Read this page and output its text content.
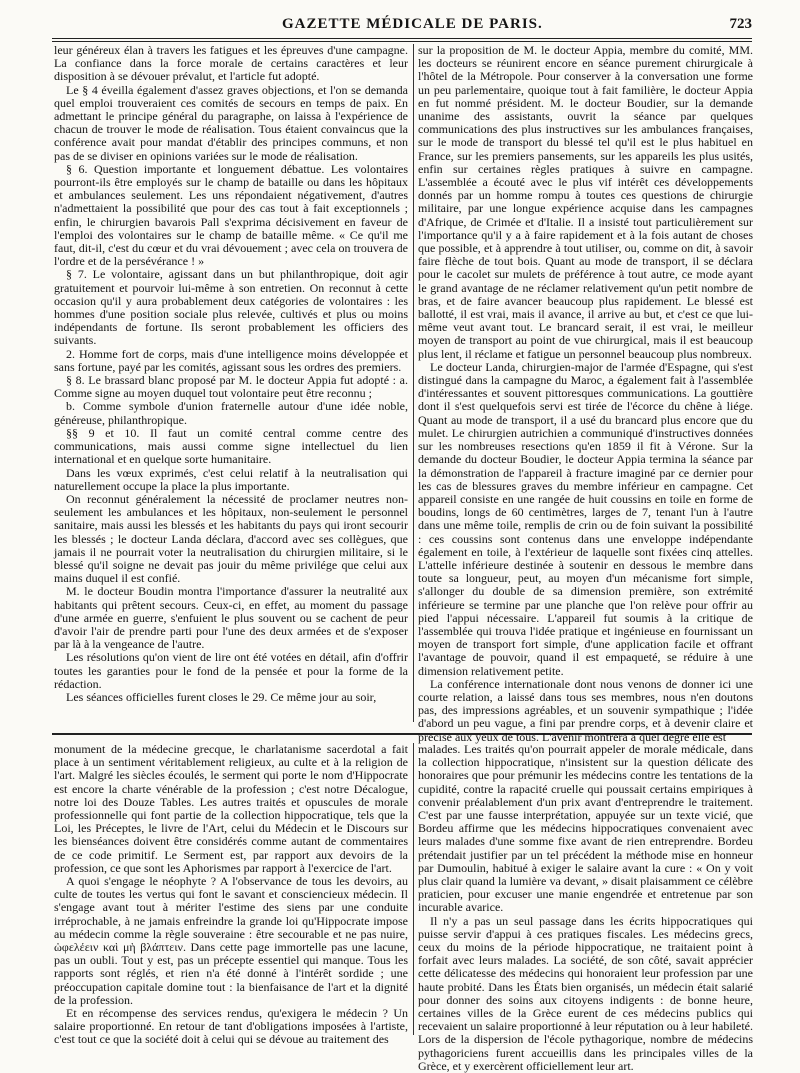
GAZETTE MÉDICALE DE PARIS.	723

leur généreux élan à travers les fatigues et les épreuves d'une campagne. La confiance dans la force morale de certains caractères et leur disposition à se dévouer prévalut, et l'article fut adopté.

Le § 4 éveilla également d'assez graves objections, et l'on se demanda quel emploi trouveraient ces comités de secours en temps de paix. En admettant le principe général du paragraphe, on laissa à l'expérience de chacun de trouver le mode de réalisation. Tous étaient convaincus que la conférence avait pour mandat d'établir des principes communs, et non pas de se diviser en opinions variées sur le mode de réalisation.

§ 6. Question importante et longuement débattue. Les volontaires pourront-ils être employés sur le champ de bataille ou dans les hôpitaux et ambulances seulement. Les uns répondaient négativement, d'autres n'admettaient la possibilité que pour des cas tout à fait exceptionnels ; enfin, le chirurgien bavarois Pall s'exprima décisivement en faveur de l'emploi des volontaires sur le champ de bataille même. « Ce qu'il me faut, dit-il, c'est du cœur et du vrai dévouement ; avec cela on trouvera de l'ordre et de la persévérance ! »

§ 7. Le volontaire, agissant dans un but philanthropique, doit agir gratuitement et pourvoir lui-même à son entretien. On reconnut à cette occasion qu'il y aura probablement deux catégories de volontaires : les hommes d'une position sociale plus relevée, cultivés et plus ou moins indépendants de fortune. Ils seront probablement les officiers des suivants.

2. Homme fort de corps, mais d'une intelligence moins développée et sans fortune, payé par les comités, agissant sous les ordres des premiers.

§ 8. Le brassard blanc proposé par M. le docteur Appia fut adopté : a. Comme signe au moyen duquel tout volontaire peut être reconnu ;

b. Comme symbole d'union fraternelle autour d'une idée noble, généreuse, philanthropique.

§§ 9 et 10. Il faut un comité central comme centre des communications, mais aussi comme signe intellectuel du lien international et en quelque sorte humanitaire.

Dans les vœux exprimés, c'est celui relatif à la neutralisation qui naturellement occupe la place la plus importante.

On reconnut généralement la nécessité de proclamer neutres non-seulement les ambulances et les hôpitaux, non-seulement le personnel sanitaire, mais aussi les blessés et les habitants du pays qui iront secourir les blessés ; le docteur Landa déclara, d'accord avec ses collègues, que jamais il ne pourrait voter la neutralisation du chirurgien militaire, si le blessé qu'il soigne ne devait pas jouir du même privilége que celui aux mains duquel il est confié.

M. le docteur Boudin montra l'importance d'assurer la neutralité aux habitants qui prêtent secours. Ceux-ci, en effet, au moment du passage d'une armée en guerre, s'enfuient le plus souvent ou se cachent de peur d'avoir l'air de prendre parti pour l'une des deux armées et de s'exposer par là à la vengeance de l'autre.

Les résolutions qu'on vient de lire ont été votées en détail, afin d'offrir toutes les garanties pour le fond de la pensée et pour la forme de la rédaction.

Les séances officielles furent closes le 29. Ce même jour au soir,

sur la proposition de M. le docteur Appia, membre du comité, MM. les docteurs se réunirent encore en séance purement chirurgicale à l'hôtel de la Métropole. Pour conserver à la conversation une forme un peu parlementaire, quoique tout à fait familière, le docteur Appia en fut nommé président. M. le docteur Boudier, sur la demande unanime des assistants, ouvrit la séance par quelques communications des plus instructives sur les ambulances françaises, sur le mode de transport du blessé tel qu'il est le plus habituel en France, sur les premiers pansements, sur les appareils les plus usités, enfin sur certaines règles pratiques à suivre en campagne. L'assemblée a écouté avec le plus vif intérêt ces développements donnés par un homme rompu à toutes ces questions de chirurgie militaire, par une longue expérience acquise dans les campagnes d'Afrique, de Crimée et d'Italie. Il a insisté tout particulièrement sur l'importance qu'il y a à faire rapidement et à la fois autant de choses que possible, et à apprendre à tout utiliser, ou, comme on dit, à savoir faire flèche de tout bois. Quant au mode de transport, il se déclara pour le cacolet sur mulets de préférence à tout autre, ce mode ayant le grand avantage de ne réclamer relativement qu'un petit nombre de bras, et de faire avancer beaucoup plus rapidement. Le blessé est ballotté, il est vrai, mais il avance, il arrive au but, et c'est ce que lui-même veut avant tout. Le brancard serait, il est vrai, le meilleur moyen de transport au point de vue chirurgical, mais il est beaucoup plus lent, il réclame et fatigue un personnel beaucoup plus nombreux.

Le docteur Landa, chirurgien-major de l'armée d'Espagne, qui s'est distingué dans la campagne du Maroc, a également fait à l'assemblée d'intéressantes et souvent pittoresques communications. La gouttière dont il s'est quelquefois servi est tirée de l'écorce du chêne à liége. Quant au mode de transport, il a usé du brancard plus encore que du mulet. Le chirurgien autrichien a communiqué d'instructives données sur les nombreuses resections qu'en 1859 il fit à Vérone. Sur la demande du docteur Boudier, le docteur Appia termina la séance par la démonstration de l'appareil à fracture imaginé par ce dernier pour les cas de blessures graves du membre inférieur en campagne. Cet appareil consiste en une rangée de huit coussins en toile en forme de boudins, longs de 60 centimètres, larges de 7, tenant l'un à l'autre dans une même toile, remplis de crin ou de foin suivant la possibilité : ces coussins sont contenus dans une enveloppe indépendante également en toile, à l'extérieur de laquelle sont fixées cinq attelles. L'attelle inférieure destinée à soutenir en dessous le membre dans toute sa longueur, peut, au moyen d'un mécanisme fort simple, s'allonger du double de sa dimension première, son extrémité inférieure se termine par une planche que l'on relève pour offrir au pied l'appui nécessaire. L'appareil fut soumis à la critique de l'assemblée qui trouva l'idée pratique et ingénieuse en fournissant un moyen de transport fort simple, d'une application facile et offrant l'avantage de pouvoir, quand il est empaqueté, se réduire à une dimension relativement petite.

La conférence internationale dont nous venons de donner ici une courte relation, a laissé dans tous ses membres, nous n'en doutons pas, des impressions agréables, et un souvenir sympathique ; l'idée d'abord un peu vague, a fini par prendre corps, et à devenir claire et précise aux yeux de tous. L'avenir montrera à quel degré elle est

monument de la médecine grecque, le charlatanisme sacerdotal a fait place à un sentiment véritablement religieux, au culte et à la religion de l'art. Malgré les siècles écoulés, le serment qui porte le nom d'Hippocrate est encore la charte vénérable de la profession ; c'est notre Décalogue, notre loi des Douze Tables. Les autres traités et opuscules de morale professionnelle qui font partie de la collection hippocratique, tels que la Loi, les Préceptes, le livre de l'Art, celui du Médecin et le Discours sur les bienséances doivent être considérés comme autant de commentaires de ce code primitif. Le Serment est, par rapport aux devoirs de la profession, ce que sont les Aphorismes par rapport à l'exercice de l'art.

A quoi s'engage le néophyte ? A l'observance de tous les devoirs, au culte de toutes les vertus qui font le savant et consciencieux médecin. Il s'engage avant tout à mériter l'estime des siens par une conduite irréprochable, à ne jamais enfreindre la grande loi qu'Hippocrate impose au médecin comme la règle souveraine : être secourable et ne pas nuire, ὠφελέειν καὶ μὴ βλάπτειν. Dans cette page immortelle pas une lacune, pas un oubli. Tout y est, pas un précepte essentiel qui manque. Tous les rapports sont réglés, et rien n'a été donné à l'intérêt sordide ; une préoccupation capitale domine tout : la bienfaisance de l'art et la dignité de la profession.

Et en récompense des services rendus, qu'exigera le médecin ? Un salaire proportionné. En retour de tant d'obligations imposées à l'artiste, c'est tout ce que la société doit à celui qui se dévoue au traitement des

malades. Les traités qu'on pourrait appeler de morale médicale, dans la collection hippocratique, n'insistent sur la question délicate des honoraires que pour prémunir les médecins contre les tentations de la cupidité, contre la rapacité cruelle qui poussait certains empiriques à convenir préalablement d'un prix avant d'entreprendre le traitement. C'est par une fausse interprétation, appuyée sur un texte vicié, que Bordeu affirme que les médecins hippocratiques convenaient avec leurs malades d'une somme fixe avant de rien entreprendre. Bordeu prétendait justifier par un tel précédent la méthode mise en honneur par Dumoulin, habitué à exiger le salaire avant la cure : « On y voit plus clair quand la lumière va devant, » disait plaisamment ce célèbre praticien, pour excuser une manie engendrée et entretenue par son incurable avarice.

Il n'y a pas un seul passage dans les écrits hippocratiques qui puisse servir d'appui à ces pratiques fiscales. Les médecins grecs, ceux du moins de la période hippocratique, ne traitaient point à forfait avec leurs malades. La société, de son côté, savait apprécier cette délicatesse des médecins qui honoraient leur profession par une haute probité. Dans les États bien organisés, un médecin était salarié pour donner des soins aux citoyens indigents : de bonne heure, certaines villes de la Grèce eurent de ces médecins publics qui recevaient un salaire proportionné à leur réputation ou à leur habileté. Lors de la dispersion de l'école pythagorique, nombre de médecins pythagoriciens furent accueillis dans les principales villes de la Grèce, et y exercèrent officiellement leur art.
